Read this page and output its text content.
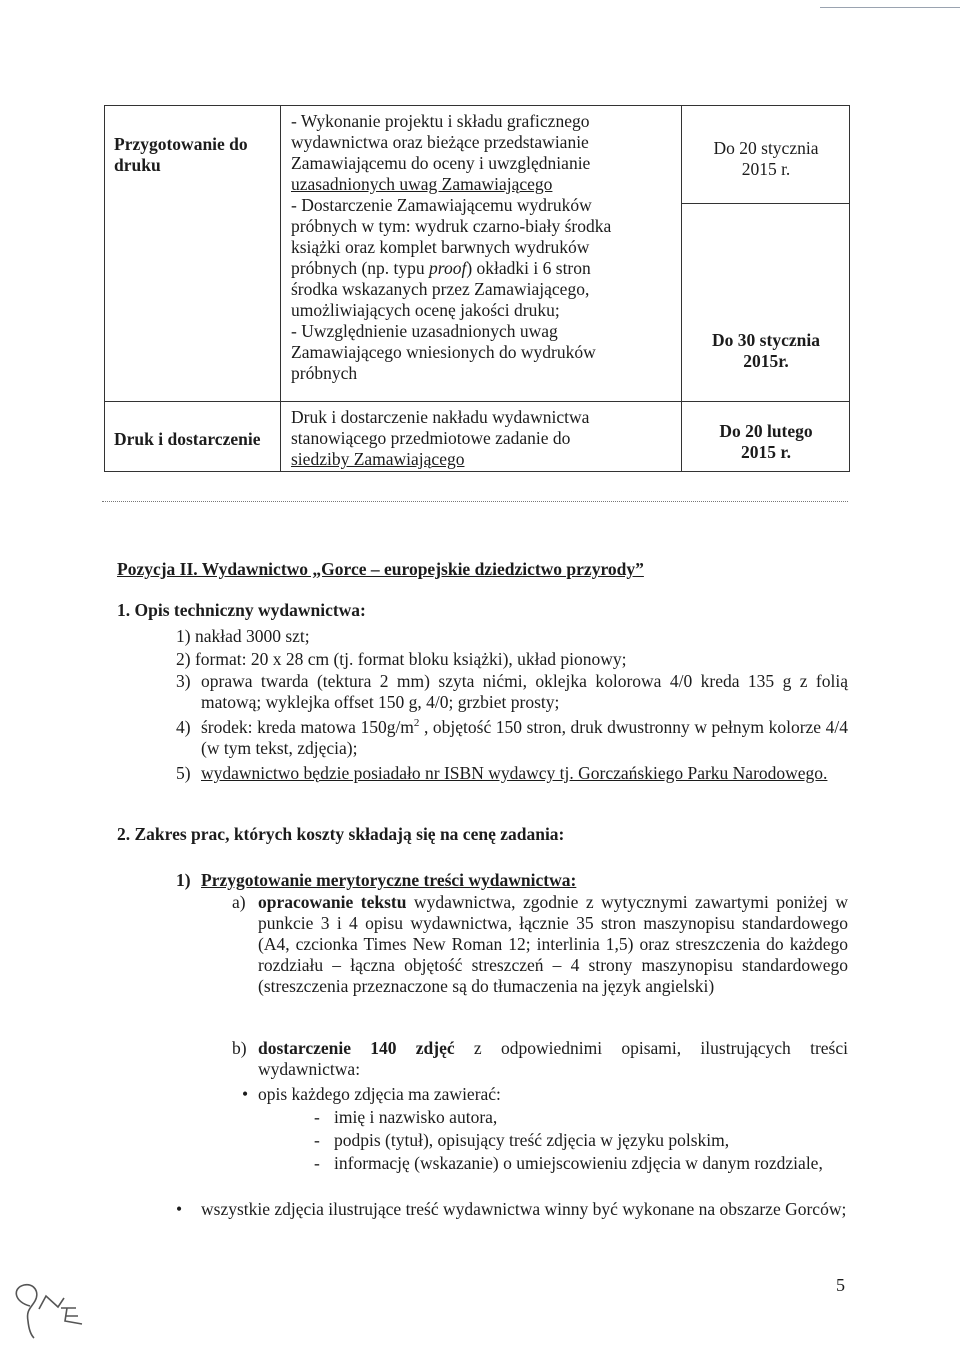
Przygotowanie do
druku
- Wykonanie projektu i składu graficznego
wydawnictwa oraz bieżące przedstawianie
Zamawiającemu do oceny i uwzględnianie
uzasadnionych uwag Zamawiającego
- Dostarczenie Zamawiającemu wydruków
próbnych w tym: wydruk czarno-biały środka
książki oraz komplet barwnych wydruków
próbnych (np. typu proof) okładki i 6 stron
środka wskazanych przez Zamawiającego,
umożliwiających ocenę jakości druku;
- Uwzględnienie uzasadnionych uwag
Zamawiającego wniesionych do wydruków
próbnych
Do 20 stycznia
2015 r.
Do 30 stycznia
2015r.
Druk i dostarczenie
Druk i dostarczenie nakładu wydawnictwa
stanowiącego przedmiotowe zadanie do
siedziby Zamawiającego
Do 20 lutego
2015 r.
Pozycja II. Wydawnictwo „Gorce – europejskie dziedzictwo przyrody”
1. Opis techniczny wydawnictwa:
1) nakład 3000 szt;
2) format: 20 x 28 cm (tj. format bloku książki), układ pionowy;
3) oprawa twarda (tektura 2 mm) szyta nićmi, oklejka kolorowa 4/0 kreda 135 g z folią matową; wyklejka offset 150 g, 4/0; grzbiet prosty;
4) środek: kreda matowa $150g/m^2$ , objętość 150 stron, druk dwustronny w pełnym kolorze 4/4 (w tym tekst, zdjęcia);
5) wydawnictwo będzie posiadało nr ISBN wydawcy tj. Gorczańskiego Parku Narodowego.
2. Zakres prac, których koszty składają się na cenę zadania:
1) Przygotowanie merytoryczne treści wydawnictwa:
a) opracowanie tekstu wydawnictwa, zgodnie z wytycznymi zawartymi poniżej w punkcie 3 i 4 opisu wydawnictwa, łącznie 35 stron maszynopisu standardowego (A4, czcionka Times New Roman 12; interlinia 1,5) oraz streszczenia do każdego rozdziału – łączna objętość streszczeń – 4 strony maszynopisu standardowego (streszczenia przeznaczone są do tłumaczenia na język angielski)
b) dostarczenie 140 zdjęć z odpowiednimi opisami, ilustrujących treści wydawnictwa:
• opis każdego zdjęcia ma zawierać:
- imię i nazwisko autora,
- podpis (tytuł), opisujący treść zdjęcia w języku polskim,
- informację (wskazanie) o umiejscowieniu zdjęcia w danym rozdziale,
• wszystkie zdjęcia ilustrujące treść wydawnictwa winny być wykonane na obszarze Gorców;
5
